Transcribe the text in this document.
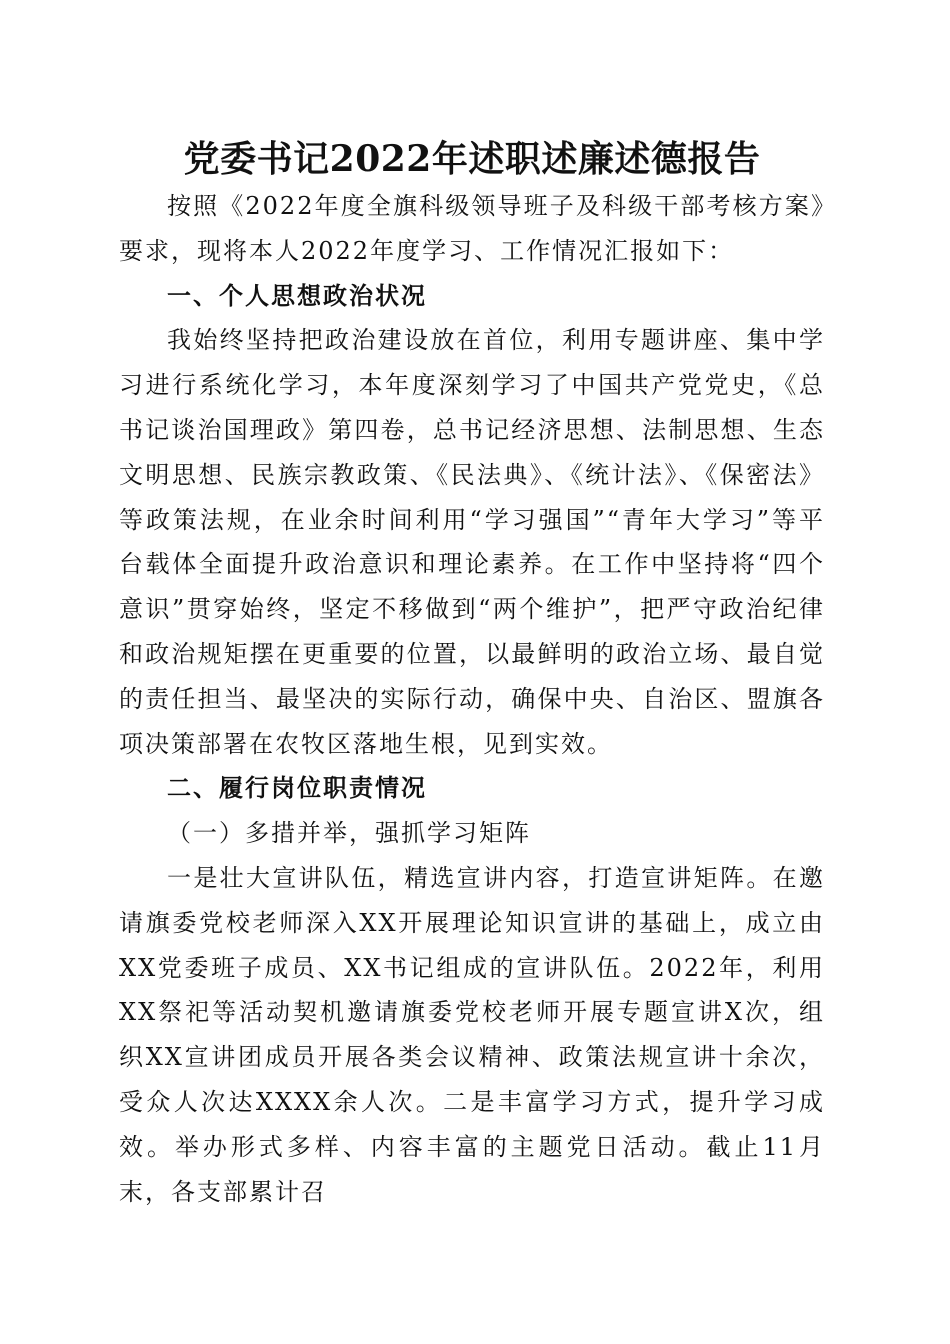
党委书记2022年述职述廉述德报告

按照《2022年度全旗科级领导班子及科级干部考核方案》要求，现将本人2022年度学习、工作情况汇报如下：

一、个人思想政治状况

我始终坚持把政治建设放在首位，利用专题讲座、集中学习进行系统化学习，本年度深刻学习了中国共产党党史，《总书记谈治国理政》第四卷，总书记经济思想、法制思想、生态文明思想、民族宗教政策、《民法典》、《统计法》、《保密法》等政策法规，在业余时间利用“学习强国”“青年大学习”等平台载体全面提升政治意识和理论素养。在工作中坚持将“四个意识”贯穿始终，坚定不移做到“两个维护”，把严守政治纪律和政治规矩摆在更重要的位置，以最鲜明的政治立场、最自觉的责任担当、最坚决的实际行动，确保中央、自治区、盟旗各项决策部署在农牧区落地生根，见到实效。

二、履行岗位职责情况

（一）多措并举，强抓学习矩阵

一是壮大宣讲队伍，精选宣讲内容，打造宣讲矩阵。在邀请旗委党校老师深入XX开展理论知识宣讲的基础上，成立由XX党委班子成员、XX书记组成的宣讲队伍。2022年，利用XX祭祀等活动契机邀请旗委党校老师开展专题宣讲X次，组织XX宣讲团成员开展各类会议精神、政策法规宣讲十余次，受众人次达XXXX余人次。二是丰富学习方式，提升学习成效。举办形式多样、内容丰富的主题党日活动。截止11月末，各支部累计召
